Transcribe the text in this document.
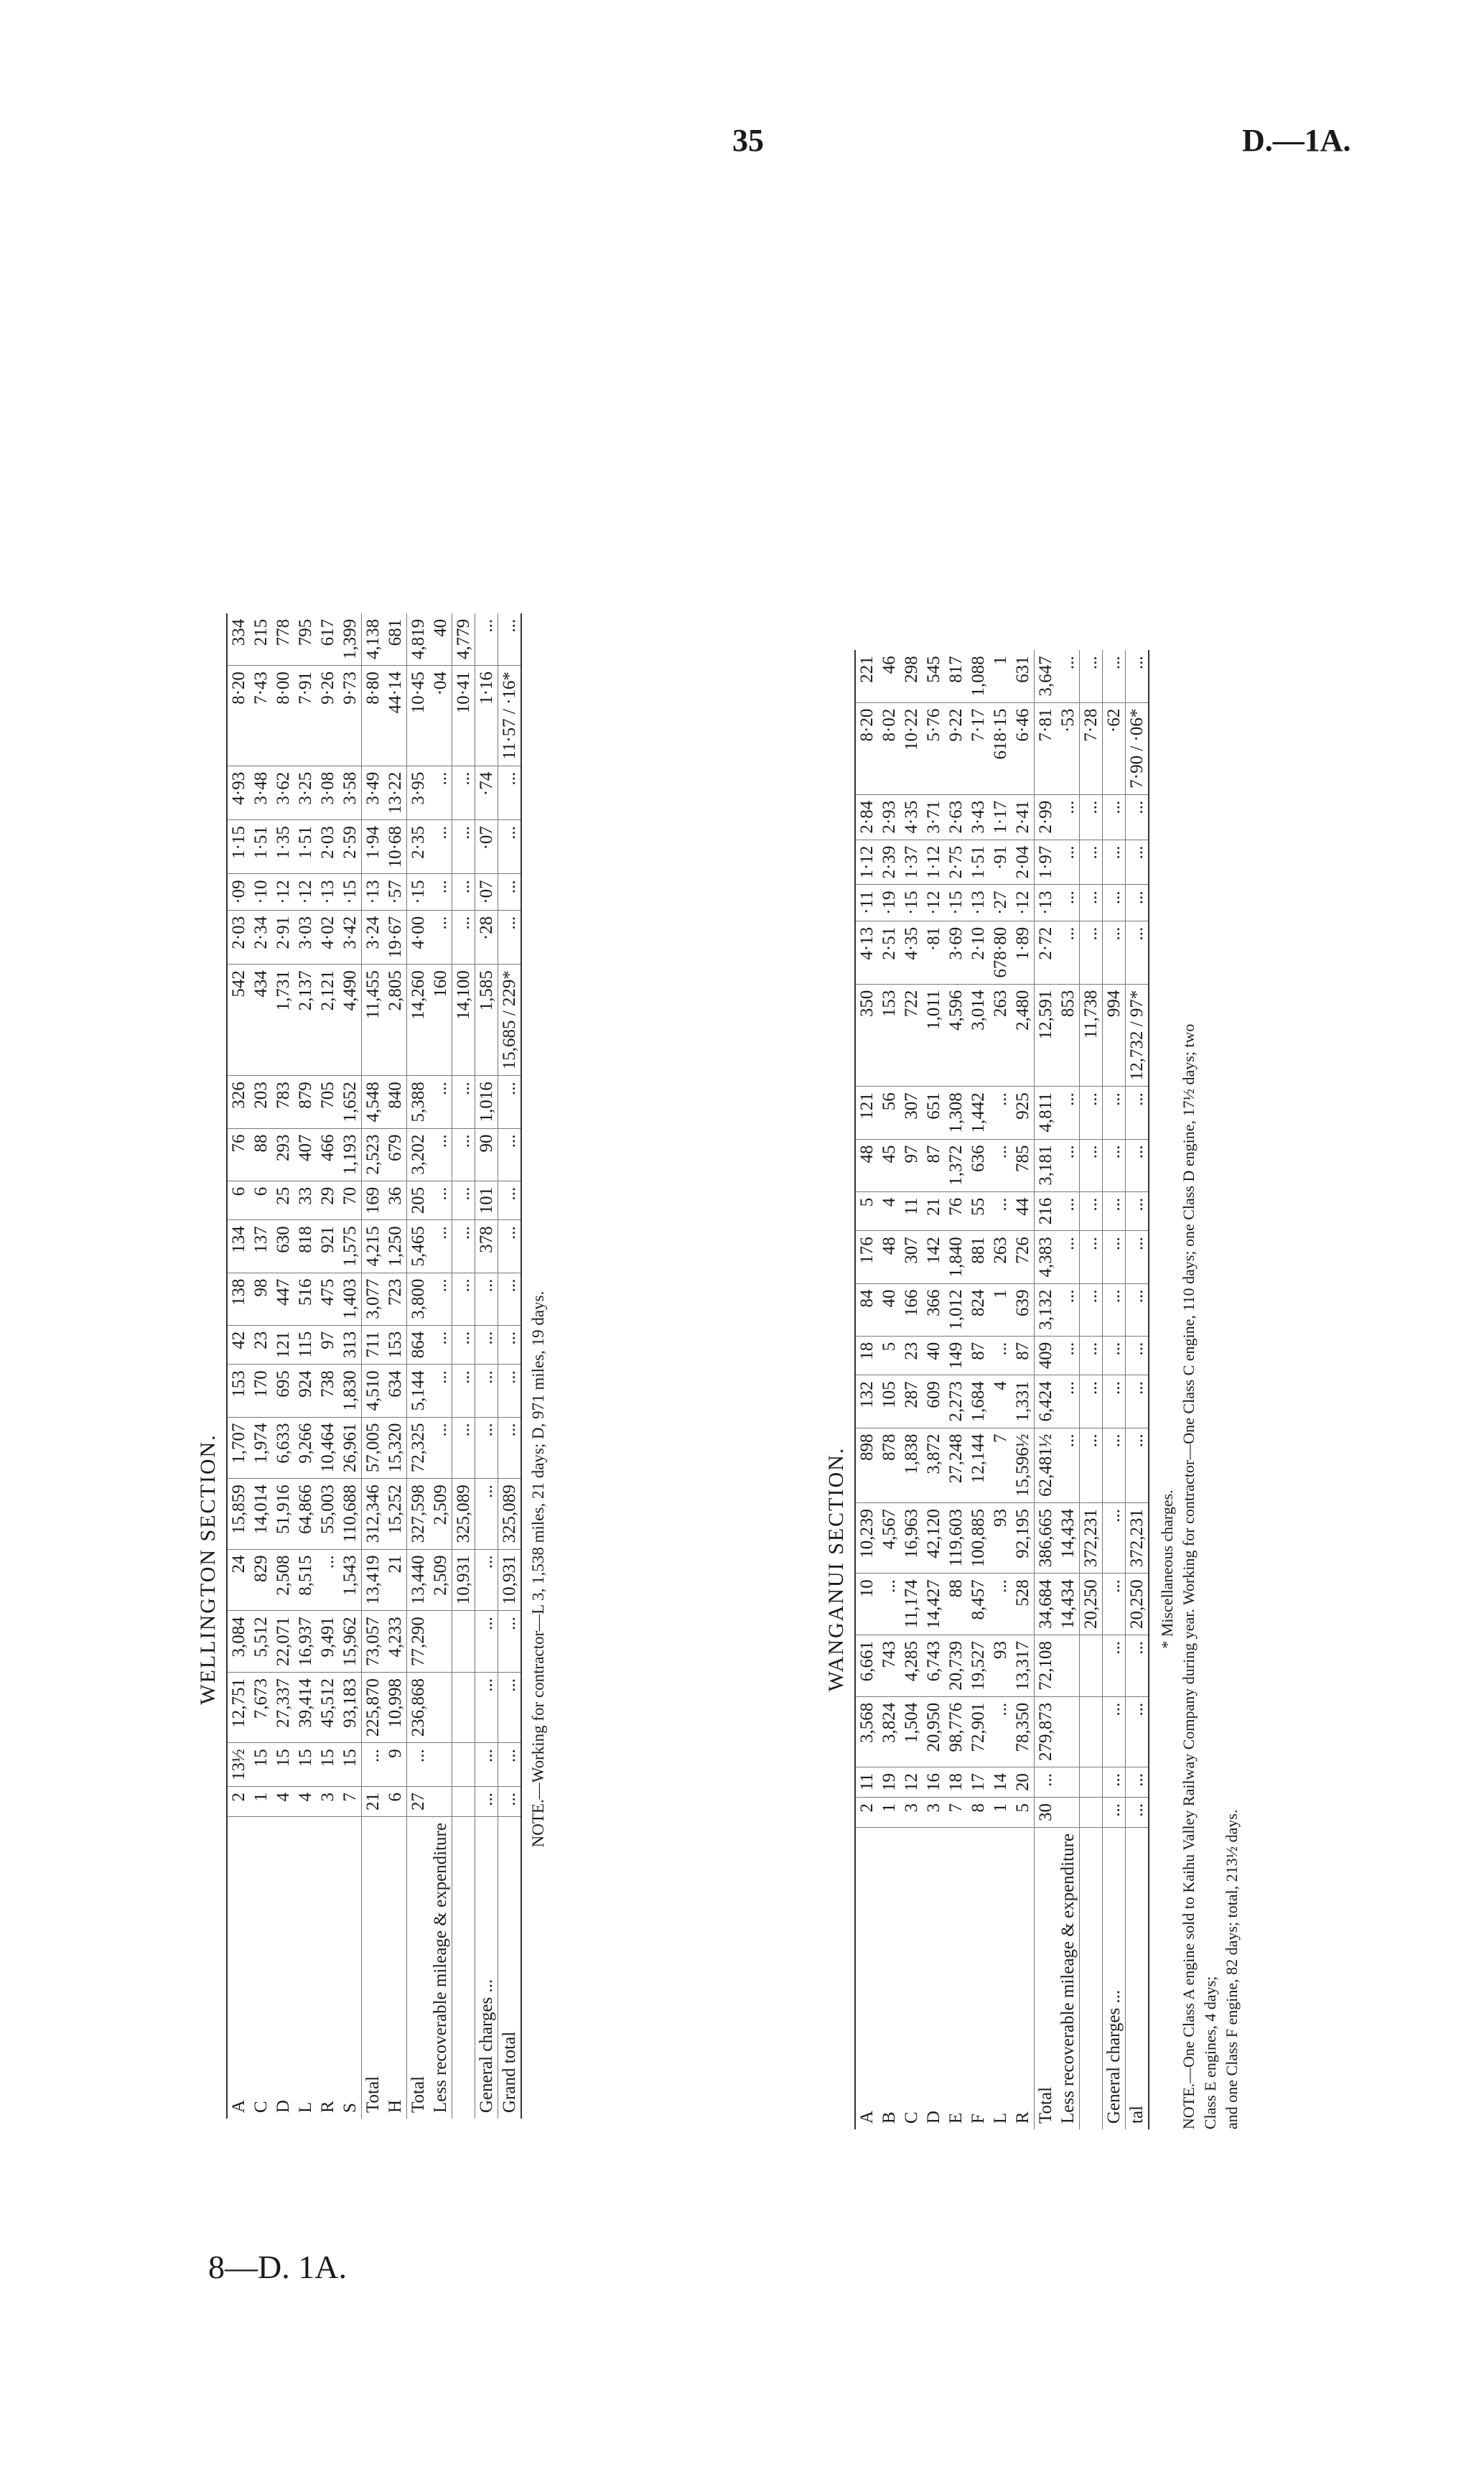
35	D.—1A.
WELLINGTON SECTION.
A	2	13½	12,751	3,084	24	15,859	1,707	153	42	138	134	6	76	326	542	2·03	·09	1·15	4·93	8·20	334
C	1	15	7,673	5,512	829	14,014	1,974	170	23	98	137	6	88	203	434	2·34	·10	1·51	3·48	7·43	215
D	4	15	27,337	22,071	2,508	51,916	6,633	695	121	447	630	25	293	783	1,731	2·91	·12	1·35	3·62	8·00	778
L	4	15	39,414	16,937	8,515	64,866	9,266	924	115	516	818	33	407	879	2,137	3·03	·12	1·51	3·25	7·91	795
R	3	15	45,512	9,491	...	55,003	10,464	738	97	475	921	29	466	705	2,121	4·02	·13	2·03	3·08	9·26	617
S	7	15	93,183	15,962	1,543	110,688	26,961	1,830	313	1,403	1,575	70	1,193	1,652	4,490	3·42	·15	2·59	3·58	9·73	1,399
Total	21	...	225,870	73,057	13,419	312,346	57,005	4,510	711	3,077	4,215	169	2,523	4,548	11,455	3·24	·13	1·94	3·49	8·80	4,138
H	6	9	10,998	4,233	21	15,252	15,320	634	153	723	1,250	36	679	840	2,805	19·67	·57	10·68	13·22	44·14	681
Total	27	...	236,868	77,290	13,440	327,598	72,325	5,144	864	3,800	5,465	205	3,202	5,388	14,260	4·00	·15	2·35	3·95	10·45	4,819
Less recoverable mileage & expenditure					2,509	2,509	...	...	...	...	...	...	...	...	160	...	...	...	...	·04	40
					10,931	325,089	...	...	...	...	...	...	...	...	14,100	...	...	...	...	10·41	4,779
General charges ...	...	...	...	...	...	...	...	...	...	...	378	101	90	1,016	1,585	·28	·07	·07	·74	1·16	...
Grand total	...	...	...	...	10,931	325,089	...	...	...	...	...	...	...	...	15,685 / 229*	...	...	...	...	11·57 / ·16*	...
NOTE.—Working for contractor—L 3, 1,538 miles, 21 days; D, 971 miles, 19 days.	WANGANUI SECTION.
A	2	11	3,568	6,661	10	10,239	898	132	18	84	176	5	48	121	350	4·13	·11	1·12	2·84	8·20	221
B	1	19	3,824	743	...	4,567	878	105	5	40	48	4	45	56	153	2·51	·19	2·39	2·93	8·02	46
C	3	12	1,504	4,285	11,174	16,963	1,838	287	23	166	307	11	97	307	722	4·35	·15	1·37	4·35	10·22	298
D	3	16	20,950	6,743	14,427	42,120	3,872	609	40	366	142	21	87	651	1,011	·81	·12	1·12	3·71	5·76	545
E	7	18	98,776	20,739	88	119,603	27,248	2,273	149	1,012	1,840	76	1,372	1,308	4,596	3·69	·15	2·75	2·63	9·22	817
F	8	17	72,901	19,527	8,457	100,885	12,144	1,684	87	824	881	55	636	1,442	3,014	2·10	·13	1·51	3·43	7·17	1,088
L	1	14	...	93	...	93	7	4	...	1	263	...	...	...	263	678·80	·27	·91	1·17	618·15	1
R	5	20	78,350	13,317	528	92,195	15,596½	1,331	87	639	726	44	785	925	2,480	1·89	·12	2·04	2·41	6·46	631
Total	30	...	279,873	72,108	34,684	386,665	62,481½	6,424	409	3,132	4,383	216	3,181	4,811	12,591	2·72	·13	1·97	2·99	7·81	3,647
Less recoverable mileage & expenditure					14,434	14,434	...	...	...	...	...	...	...	...	853	...	...	...	...	·53	...
					20,250	372,231	...	...	...	...	...	...	...	...	11,738	...	...	...	...	7·28	...
General charges ...	...	...	...	...	...	...	...	...	...	...	...	...	...	...	994	...	...	...	...	·62	...
tal	...	...	...	...	20,250	372,231	...	...	...	...	...	...	...	...	12,732 / 97*	...	...	...	...	7·90 / ·06*	...
* Miscellaneous charges. NOTE.—One Class A engine sold to Kaihu Valley Railway Company during year. Working for contractor—One Class C engine, 110 days; one Class D engine, 17½ days; two Class E engines, 4 days; and one Class F engine, 82 days; total, 213½ days.
8—D. 1A.
